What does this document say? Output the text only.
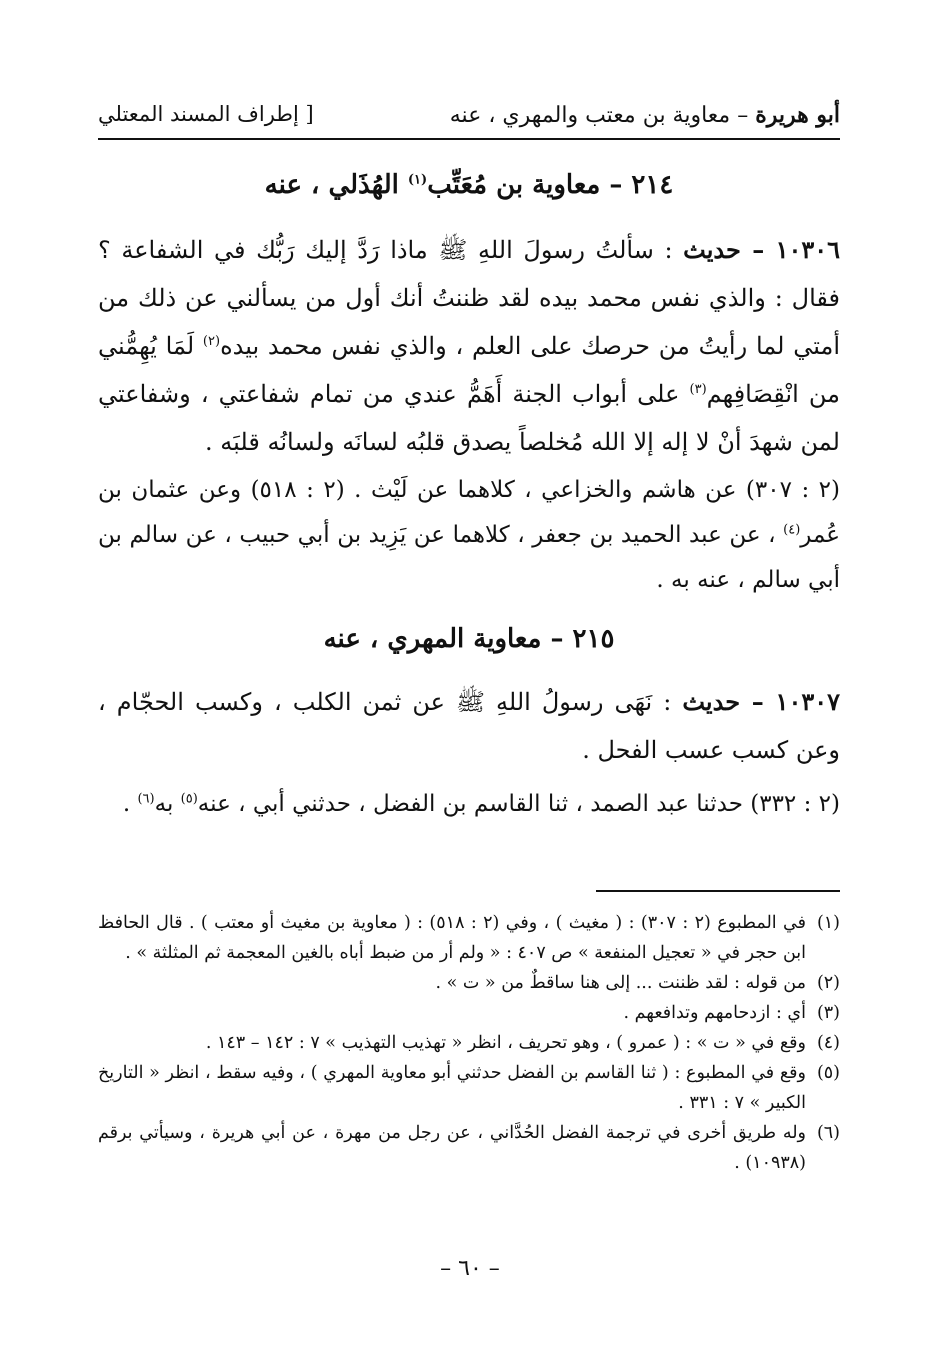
أبو هريرة – معاوية بن معتب والمهري ، عنه
[ إطراف المسند المعتلي
٢١٤ – معاوية بن مُعَتِّب$^{(١)}$ الهُذَلي ، عنه
١٠٣٠٦ – حديث : سألتُ رسولَ اللهِ ﷺ ماذا رَدَّ إليك رَبُّك في الشفاعة ؟ فقال : والذي نفس محمد بيده لقد ظننتُ أنك أول من يسألني عن ذلك من أمتي لما رأيتُ من حرصك على العلم ، والذي نفس محمد بيده$^{(٢)}$ لَمَا يُهِمُّني من انْقِصَافِهم$^{(٣)}$ على أبواب الجنة أَهَمُّ عندي من تمام شفاعتي ، وشفاعتي لمن شهدَ أنْ لا إله إلا الله مُخلصاً يصدق قلبُه لسانَه ولسانُه قلبَه .
(٢ : ٣٠٧) عن هاشم والخزاعي ، كلاهما عن لَيْث . (٢ : ٥١٨) وعن عثمان بن عُمر$^{(٤)}$ ، عن عبد الحميد بن جعفر ، كلاهما عن يَزِيد بن أبي حبيب ، عن سالم بن أبي سالم ، عنه به .
٢١٥ – معاوية المهري ، عنه
١٠٣٠٧ – حديث : نَهَى رسولُ اللهِ ﷺ عن ثمن الكلب ، وكسب الحجّام ، وعن كسب عسب الفحل .
(٢ : ٣٣٢) حدثنا عبد الصمد ، ثنا القاسم بن الفضل ، حدثني أبي ، عنه$^{(٥)}$ به$^{(٦)}$ .
(١)
في المطبوع (٢ : ٣٠٧) : ( مغيث ) ، وفي (٢ : ٥١٨) : ( معاوية بن مغيث أو معتب ) . قال الحافظ ابن حجر في « تعجيل المنفعة » ص ٤٠٧ : « ولم أر من ضبط أباه بالغين المعجمة ثم المثلثة » .
(٢)
من قوله : لقد ظننت ... إلى هنا ساقطٌ من « ت » .
(٣)
أي : ازدحامهم وتدافعهم .
(٤)
وقع في « ت » : ( عمرو ) ، وهو تحريف ، انظر « تهذيب التهذيب » ٧ : ١٤٢ – ١٤٣ .
(٥)
وقع في المطبوع : ( ثنا القاسم بن الفضل حدثني أبو معاوية المهري ) ، وفيه سقط ، انظر « التاريخ الكبير » ٧ : ٣٣١ .
(٦)
وله طريق أخرى في ترجمة الفضل الحُدَّاني ، عن رجل من مهرة ، عن أبي هريرة ، وسيأتي برقم (١٠٩٣٨) .
– ٦٠ –
